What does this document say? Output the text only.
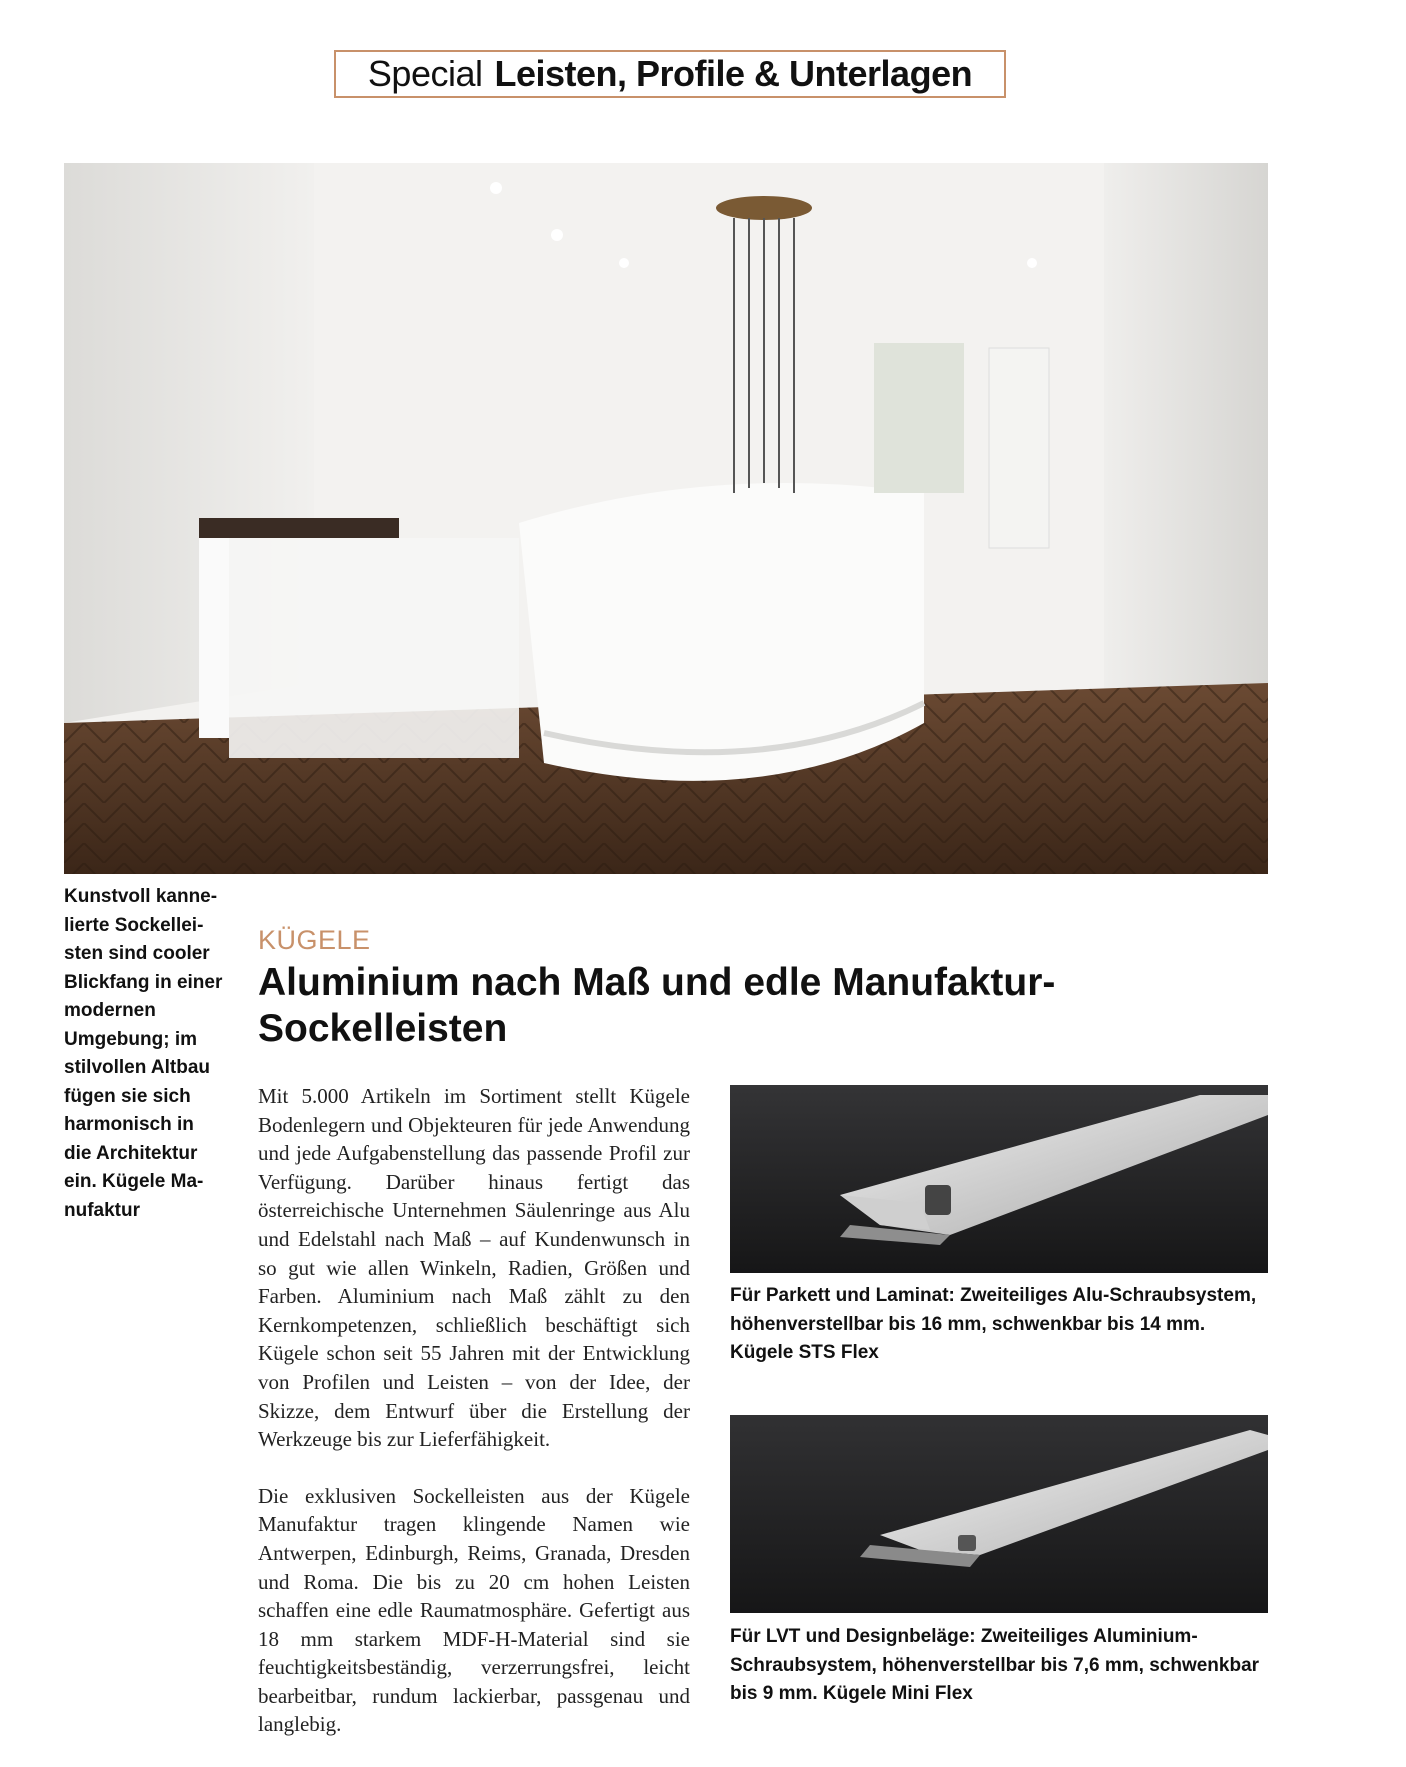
Special Leisten, Profile & Unterlagen
Kunstvoll kannelierte Sockelleisten sind cooler Blickfang in einer modernen Umgebung; im stilvollen Altbau fügen sie sich harmonisch in die Architektur ein. Kügele Manufaktur
KÜGELE
Aluminium nach Maß und edle Manufaktur-Sockelleisten

Mit 5.000 Artikeln im Sortiment stellt Kügele Bodenlegern und Objekteuren für jede Anwendung und jede Aufgabenstellung das passende Profil zur Verfügung. Darüber hinaus fertigt das österreichische Unternehmen Säulenringe aus Alu und Edelstahl nach Maß – auf Kundenwunsch in so gut wie allen Winkeln, Radien, Größen und Farben. Aluminium nach Maß zählt zu den Kernkompetenzen, schließlich beschäftigt sich Kügele schon seit 55 Jahren mit der Entwicklung von Profilen und Leisten – von der Idee, der Skizze, dem Entwurf über die Erstellung der Werkzeuge bis zur Lieferfähigkeit.

Die exklusiven Sockelleisten aus der Kügele Manufaktur tragen klingende Namen wie Antwerpen, Edinburgh, Reims, Granada, Dresden und Roma. Die bis zu 20 cm hohen Leisten schaffen eine edle Raumatmosphäre. Gefertigt aus 18 mm starkem MDF-H-Material sind sie feuchtigkeitsbeständig, verzerrungsfrei, leicht bearbeitbar, rundum lackierbar, passgenau und langlebig.

Für Parkett und Laminat: Zweiteiliges Alu-Schraubsystem, höhenverstellbar bis 16 mm, schwenkbar bis 14 mm. Kügele STS Flex
Für LVT und Designbeläge: Zweiteiliges Aluminium-Schraubsystem, höhenverstellbar bis 7,6 mm, schwenkbar bis 9 mm. Kügele Mini Flex
